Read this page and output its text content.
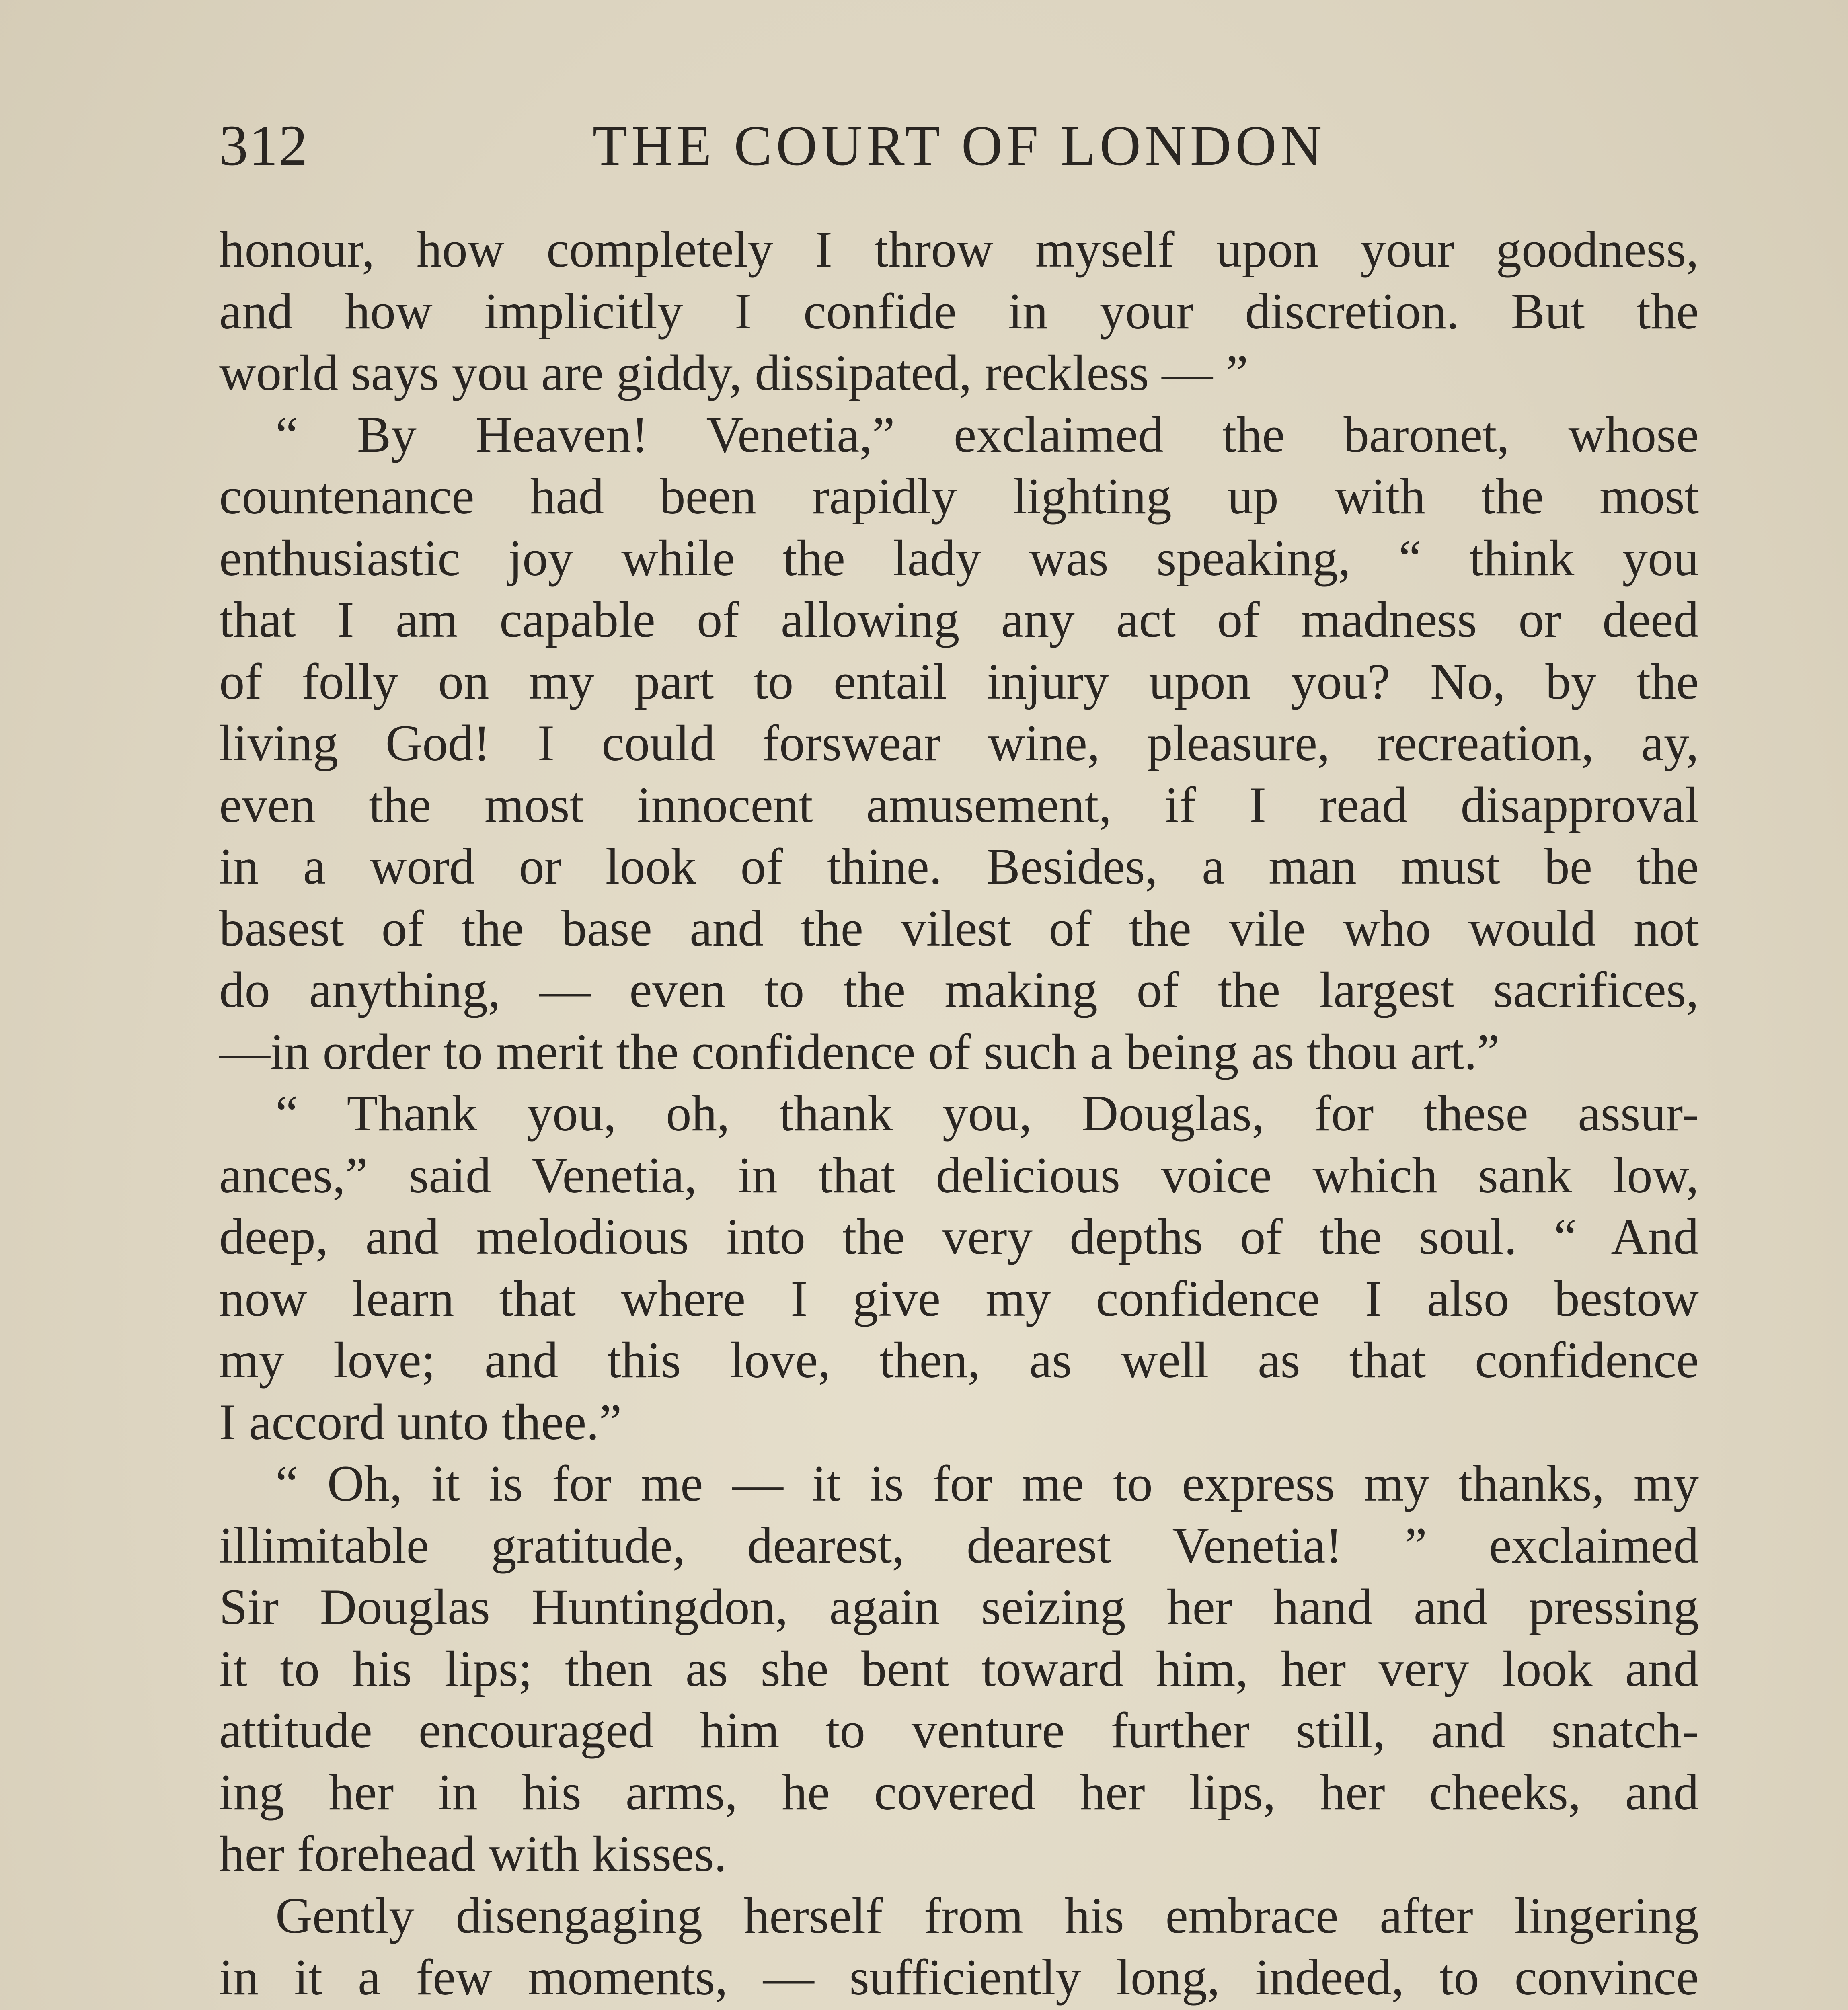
312	THE COURT OF LONDON
honour, how completely I throw myself upon your goodness,
and how implicitly I confide in your discretion. But the
world says you are giddy, dissipated, reckless — ”
“ By Heaven! Venetia,” exclaimed the baronet, whose
countenance had been rapidly lighting up with the most
enthusiastic joy while the lady was speaking, “ think you
that I am capable of allowing any act of madness or deed
of folly on my part to entail injury upon you? No, by the
living God! I could forswear wine, pleasure, recreation, ay,
even the most innocent amusement, if I read disapproval
in a word or look of thine. Besides, a man must be the
basest of the base and the vilest of the vile who would not
do anything, — even to the making of the largest sacrifices,
—in order to merit the confidence of such a being as thou art.”
“ Thank you, oh, thank you, Douglas, for these assur-
ances,” said Venetia, in that delicious voice which sank low,
deep, and melodious into the very depths of the soul. “ And
now learn that where I give my confidence I also bestow
my love; and this love, then, as well as that confidence
I accord unto thee.”
“ Oh, it is for me — it is for me to express my thanks, my
illimitable gratitude, dearest, dearest Venetia! ” exclaimed
Sir Douglas Huntingdon, again seizing her hand and pressing
it to his lips; then as she bent toward him, her very look and
attitude encouraged him to venture further still, and snatch-
ing her in his arms, he covered her lips, her cheeks, and
her forehead with kisses.
Gently disengaging herself from his embrace after lingering
in it a few moments, — sufficiently long, indeed, to convince
